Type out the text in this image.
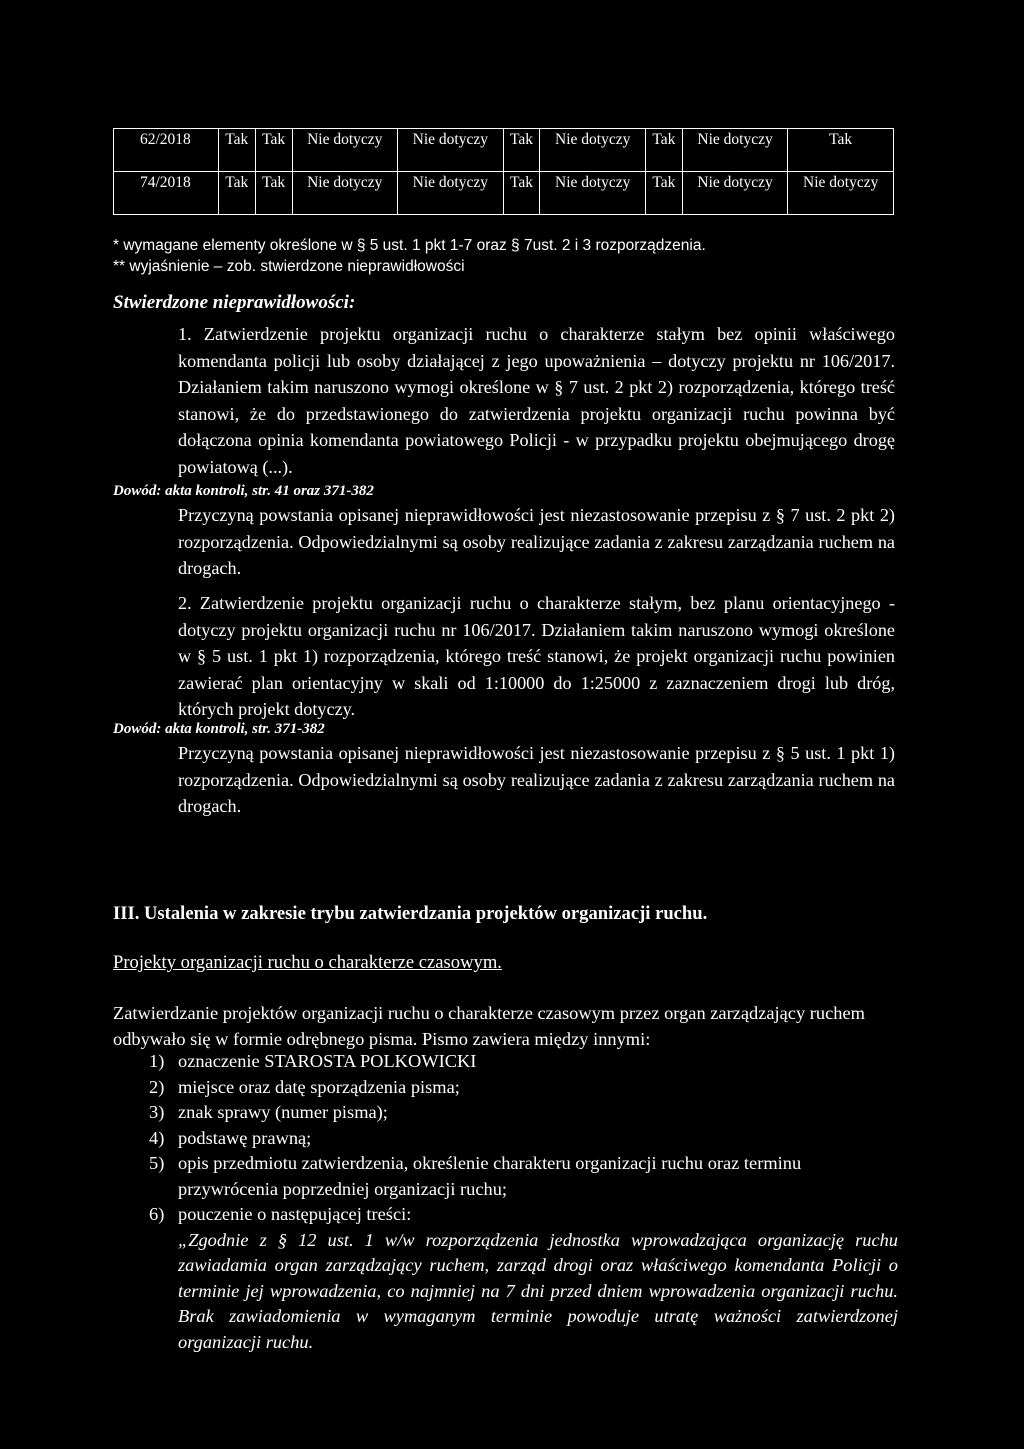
62/2018	Tak	Tak	Nie dotyczy	Nie dotyczy	Tak	Nie dotyczy	Tak	Nie dotyczy	Tak
74/2018	Tak	Tak	Nie dotyczy	Nie dotyczy	Tak	Nie dotyczy	Tak	Nie dotyczy	Nie dotyczy
* wymagane elementy określone w § 5 ust. 1 pkt 1-7 oraz § 7ust. 2 i 3 rozporządzenia.
** wyjaśnienie – zob. stwierdzone nieprawidłowości
Stwierdzone nieprawidłowości:
1. Zatwierdzenie projektu organizacji ruchu o charakterze stałym bez opinii właściwego komendanta policji lub osoby działającej z jego upoważnienia – dotyczy projektu nr 106/2017. Działaniem takim naruszono wymogi określone w § 7 ust. 2 pkt 2) rozporządzenia, którego treść stanowi, że do przedstawionego do zatwierdzenia projektu organizacji ruchu powinna być dołączona opinia komendanta powiatowego Policji - w przypadku projektu obejmującego drogę powiatową (...).
Dowód: akta kontroli, str. 41 oraz 371-382
Przyczyną powstania opisanej nieprawidłowości jest niezastosowanie przepisu z § 7 ust. 2 pkt 2) rozporządzenia. Odpowiedzialnymi są osoby realizujące zadania z zakresu zarządzania ruchem na drogach.
2. Zatwierdzenie projektu organizacji ruchu o charakterze stałym, bez planu orientacyjnego - dotyczy projektu organizacji ruchu nr 106/2017. Działaniem takim naruszono wymogi określone w § 5 ust. 1 pkt 1) rozporządzenia, którego treść stanowi, że projekt organizacji ruchu powinien zawierać plan orientacyjny w skali od 1:10000 do 1:25000 z zaznaczeniem drogi lub dróg, których projekt dotyczy.
Dowód: akta kontroli, str. 371-382
Przyczyną powstania opisanej nieprawidłowości jest niezastosowanie przepisu z § 5 ust. 1 pkt 1) rozporządzenia. Odpowiedzialnymi są osoby realizujące zadania z zakresu zarządzania ruchem na drogach.
III. Ustalenia w zakresie trybu zatwierdzania projektów organizacji ruchu.
Projekty organizacji ruchu o charakterze czasowym.
Zatwierdzanie projektów organizacji ruchu o charakterze czasowym przez organ zarządzający ruchem odbywało się w formie odrębnego pisma. Pismo zawiera między innymi:
1) oznaczenie STAROSTA POLKOWICKI
2) miejsce oraz datę sporządzenia pisma;
3) znak sprawy (numer pisma);
4) podstawę prawną;
5) opis przedmiotu zatwierdzenia, określenie charakteru organizacji ruchu oraz terminu przywrócenia poprzedniej organizacji ruchu;
6) pouczenie o następującej treści:
„Zgodnie z § 12 ust. 1 w/w rozporządzenia jednostka wprowadzająca organizację ruchu zawiadamia organ zarządzający ruchem, zarząd drogi oraz właściwego komendanta Policji o terminie jej wprowadzenia, co najmniej na 7 dni przed dniem wprowadzenia organizacji ruchu. Brak zawiadomienia w wymaganym terminie powoduje utratę ważności zatwierdzonej organizacji ruchu.
